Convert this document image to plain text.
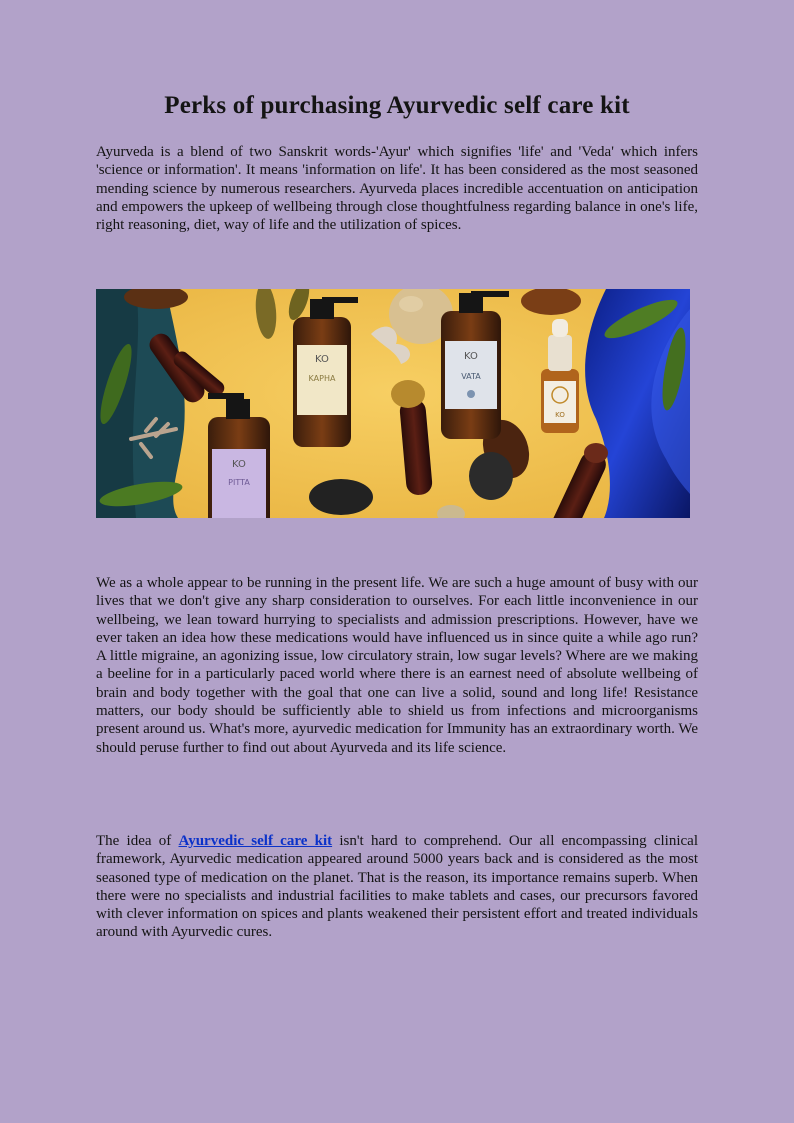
Perks of purchasing Ayurvedic self care kit

Ayurveda is a blend of two Sanskrit words-'Ayur' which signifies 'life' and 'Veda' which infers 'science or information'. It means 'information on life'. It has been considered as the most seasoned mending science by numerous researchers. Ayurveda places incredible accentuation on anticipation and empowers the upkeep of wellbeing through close thoughtfulness regarding balance in one's life, right reasoning, diet, way of life and the utilization of spices.

KO
KAPHA
KO
VATA
KO
KO
PITTA

We as a whole appear to be running in the present life. We are such a huge amount of busy with our lives that we don't give any sharp consideration to ourselves. For each little inconvenience in our wellbeing, we lean toward hurrying to specialists and admission prescriptions. However, have we ever taken an idea how these medications would have influenced us in since quite a while ago run? A little migraine, an agonizing issue, low circulatory strain, low sugar levels? Where are we making a beeline for in a particularly paced world where there is an earnest need of absolute wellbeing of brain and body together with the goal that one can live a solid, sound and long life! Resistance matters, our body should be sufficiently able to shield us from infections and microorganisms present around us. What's more, ayurvedic medication for Immunity has an extraordinary worth. We should peruse further to find out about Ayurveda and its life science.

The idea of Ayurvedic self care kit isn't hard to comprehend. Our all encompassing clinical framework, Ayurvedic medication appeared around 5000 years back and is considered as the most seasoned type of medication on the planet. That is the reason, its importance remains superb. When there were no specialists and industrial facilities to make tablets and cases, our precursors favored with clever information on spices and plants weakened their persistent effort and treated individuals around with Ayurvedic cures.
